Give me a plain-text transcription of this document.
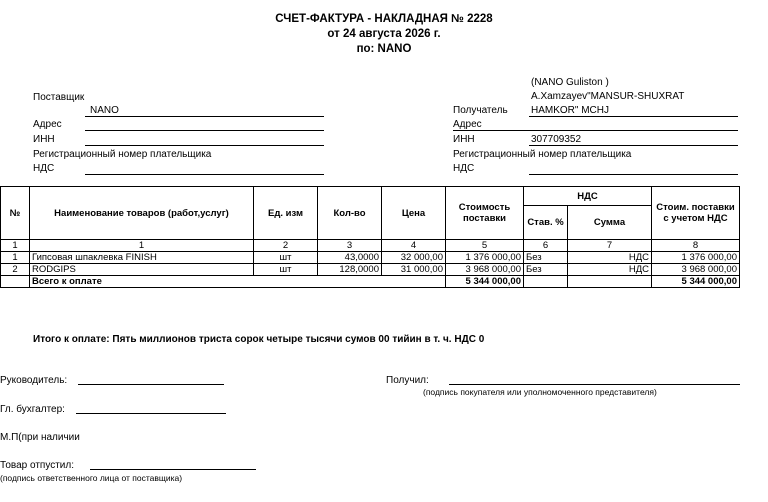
СЧЕТ-ФАКТУРА - НАКЛАДНАЯ № 2228
от 24 августа 2026 г.
по: NANO
Поставщик
NANO
Адрес
ИНН
Регистрационный номер плательщика
НДС
(NANO Guliston )
A.Xamzayev"MANSUR-SHUXRAT
Получатель HAMKOR" MCHJ
Адрес
ИНН	307709352
Регистрационный номер плательщика
НДС
№	Наименование товаров (работ,услуг)	Ед. изм	Кол-во	Цена	Стоимость поставки	НДС		Стоим. поставки с учетом НДС
						Став. %	Сумма	
1	1	2	3	4	5	6	7	8
1	Гипсовая шпаклевка FINISH	шт	43,0000	32 000,00	1 376 000,00	Без	НДС	1 376 000,00
2	RODGIPS	шт	128,0000	31 000,00	3 968 000,00	Без	НДС	3 968 000,00
	Всего к оплате				5 344 000,00			5 344 000,00
Итого к оплате: Пять миллионов триста сорок четыре тысячи сумов 00 тийин в т. ч. НДС 0
Руководитель:
Гл. бухгалтер:
М.П(при наличии
Товар отпустил:
(подпись ответственного лица от поставщика)
Получил:
(подпись покупателя или уполномоченного представителя)
